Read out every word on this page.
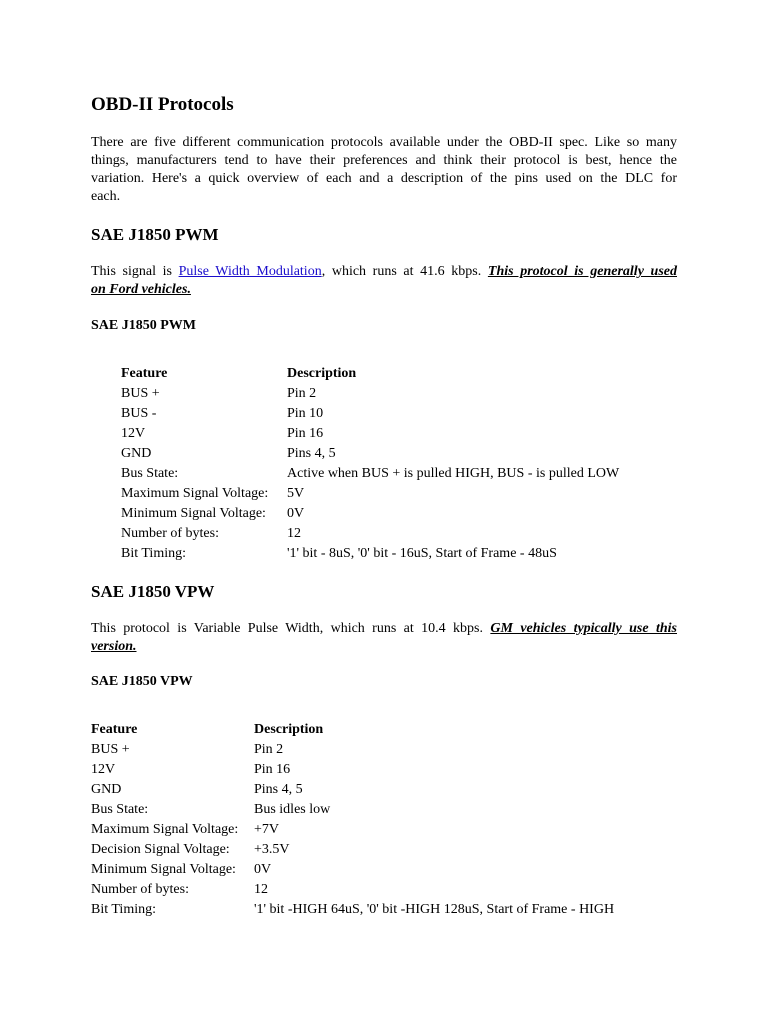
OBD-II Protocols
There are five different communication protocols available under the OBD-II spec. Like so many
things, manufacturers tend to have their preferences and think their protocol is best, hence the
variation. Here's a quick overview of each and a description of the pins used on the DLC for
each.
SAE J1850 PWM
This signal is Pulse Width Modulation, which runs at 41.6 kbps. This protocol is generally used
on Ford vehicles.
SAE J1850 PWM
Feature	Description
BUS +	Pin 2
BUS -	Pin 10
12V	Pin 16
GND	Pins 4, 5
Bus State:	Active when BUS + is pulled HIGH, BUS - is pulled LOW
Maximum Signal Voltage: 5V
Minimum Signal Voltage: 0V
Number of bytes:	12
Bit Timing:	'1' bit - 8uS, '0' bit - 16uS, Start of Frame - 48uS
SAE J1850 VPW
This protocol is Variable Pulse Width, which runs at 10.4 kbps. GM vehicles typically use this
version.
SAE J1850 VPW
Feature	Description
BUS +	Pin 2
12V	Pin 16
GND	Pins 4, 5
Bus State:	Bus idles low
Maximum Signal Voltage: +7V
Decision Signal Voltage: +3.5V
Minimum Signal Voltage: 0V
Number of bytes:	12
Bit Timing:	'1' bit -HIGH 64uS, '0' bit -HIGH 128uS, Start of Frame - HIGH
